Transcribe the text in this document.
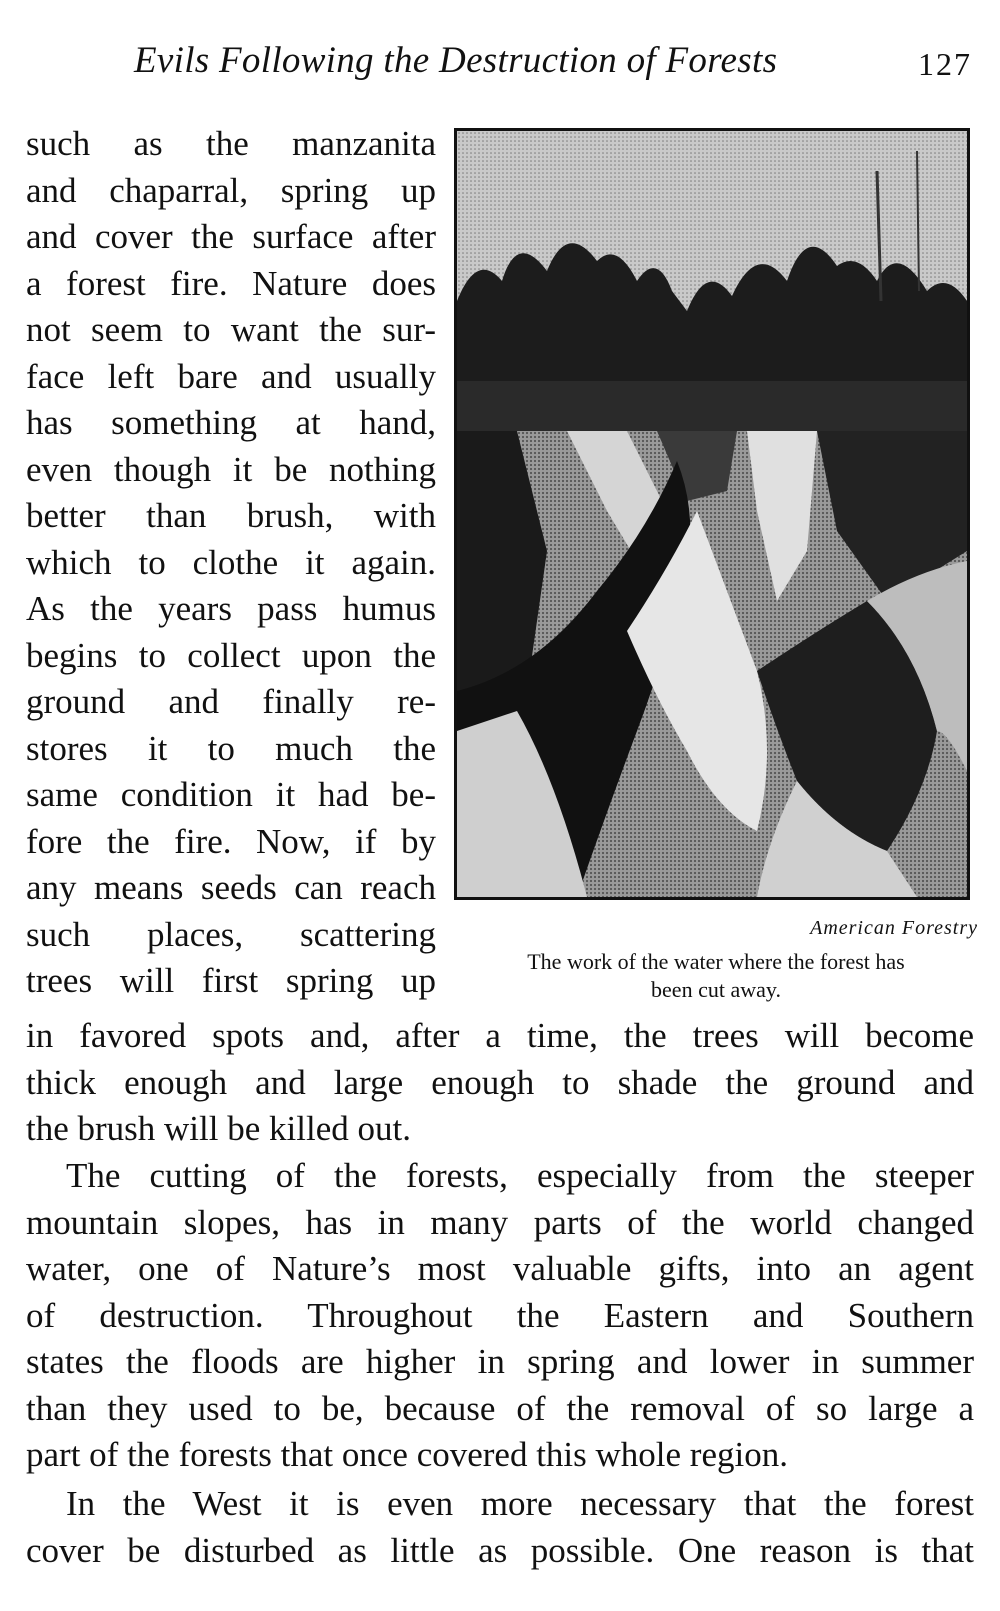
Evils Following the Destruction of Forests	127
such as the manzanita
and chaparral, spring up
and cover the surface after
a forest fire. Nature does
not seem to want the sur-
face left bare and usually
has something at hand,
even though it be nothing
better than brush, with
which to clothe it again.
As the years pass humus
begins to collect upon the
ground and finally re-
stores it to much the
same condition it had be-
fore the fire. Now, if by
any means seeds can reach
such places, scattering
trees will first spring up
American Forestry
The work of the water where the forest has
been cut away.
in favored spots and, after a time, the trees will become
thick enough and large enough to shade the ground and
the brush will be killed out.
The cutting of the forests, especially from the steeper
mountain slopes, has in many parts of the world changed
water, one of Nature’s most valuable gifts, into an agent
of destruction. Throughout the Eastern and Southern
states the floods are higher in spring and lower in summer
than they used to be, because of the removal of so large a
part of the forests that once covered this whole region.
In the West it is even more necessary that the forest
cover be disturbed as little as possible. One reason is that
